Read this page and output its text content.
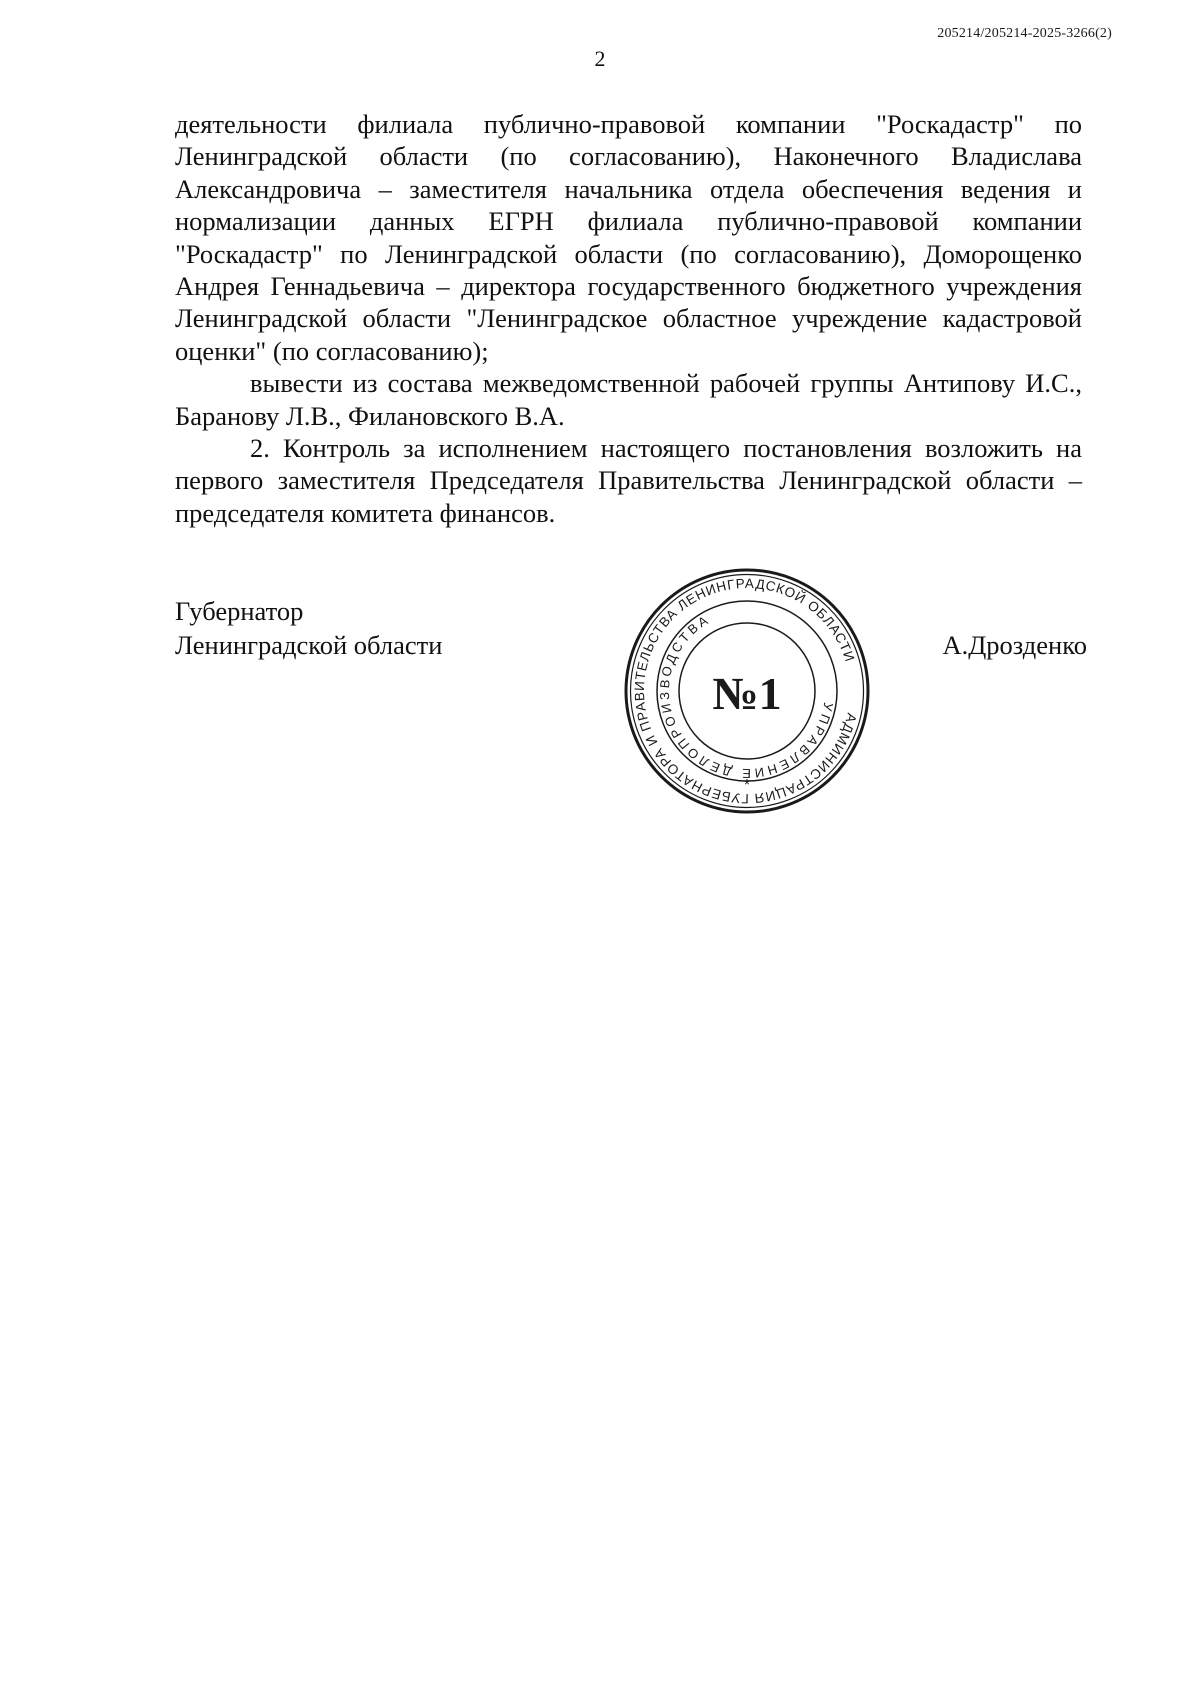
205214/205214-2025-3266(2)
2

деятельности филиала публично-правовой компании "Роскадастр" по Ленинградской области (по согласованию), Наконечного Владислава Александровича – заместителя начальника отдела обеспечения ведения и нормализации данных ЕГРН филиала публично-правовой компании "Роскадастр" по Ленинградской области (по согласованию), Доморощенко Андрея Геннадьевича – директора государственного бюджетного учреждения Ленинградской области "Ленинградское областное учреждение кадастровой оценки" (по согласованию);

вывести из состава межведомственной рабочей группы Антипову И.С., Баранову Л.В., Филановского В.А.

2. Контроль за исполнением настоящего постановления возложить на первого заместителя Председателя Правительства Ленинградской области – председателя комитета финансов.

Губернатор
Ленинградской области	А.Дрозденко
АДМИНИСТРАЦИЯ ГУБЕРНАТОРА И ПРАВИТЕЛЬСТВА ЛЕНИНГРАДСКОЙ ОБЛАСТИ
УПРАВЛЕНИЕ ДЕЛОПРОИЗВОДСТВА
№1
*
